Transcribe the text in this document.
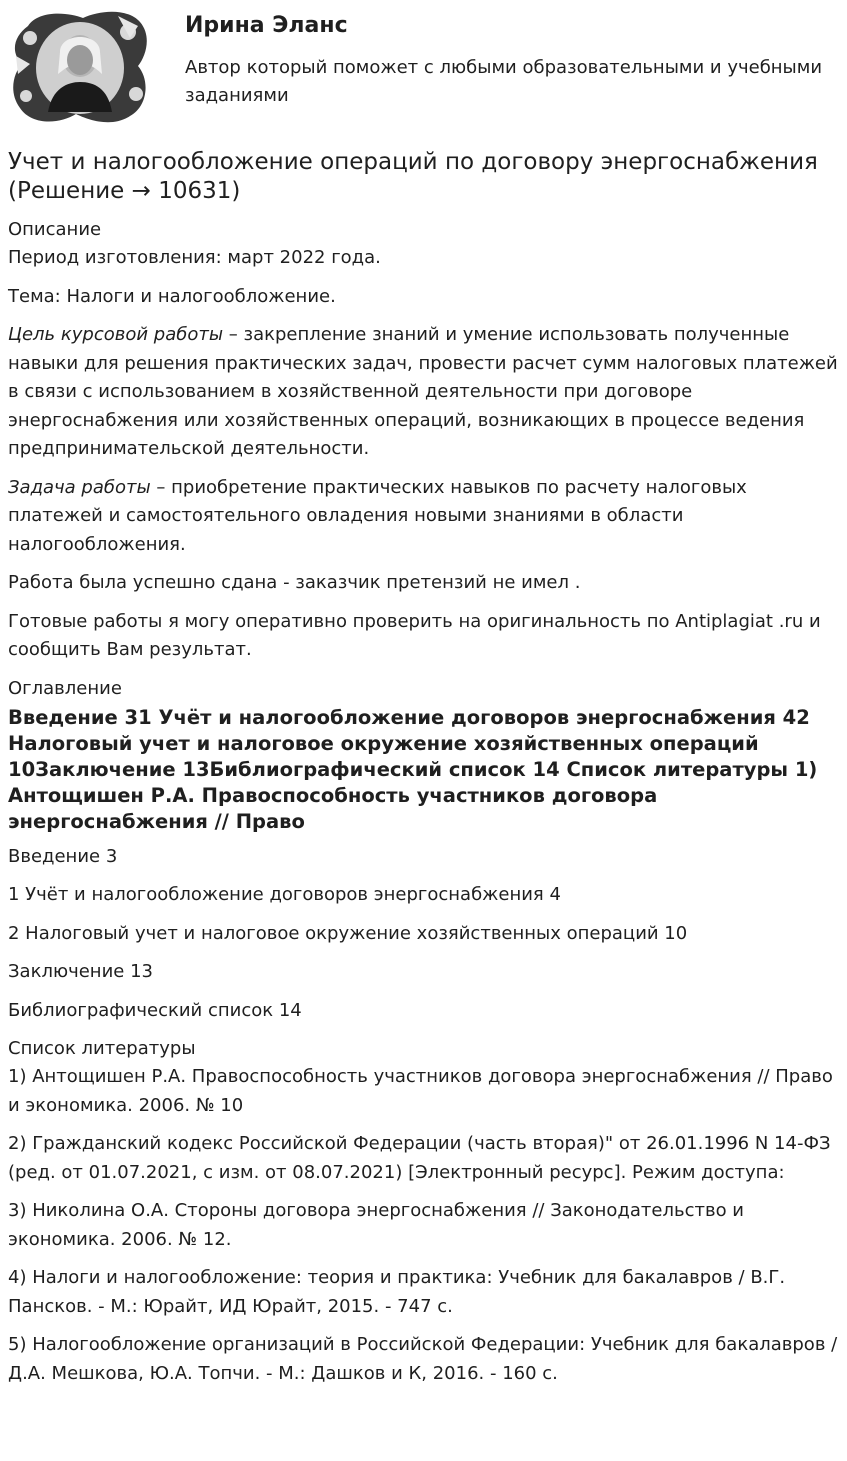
Ирина Эланс

Автор который поможет с любыми образовательными и учебными заданиями

Учет и налогообложение операций по договору энергоснабжения (Решение → 10631)
Описание

Период изготовления: март 2022 года.

Тема: Налоги и налогообложение.

Цель курсовой работы – закрепление знаний и умение использовать полученные навыки для решения практических задач, провести расчет сумм налоговых платежей в связи с использованием в хозяйственной деятельности при договоре энергоснабжения или хозяйственных операций, возникающих в процессе ведения предпринимательской деятельности.

Задача работы – приобретение практических навыков по расчету налоговых платежей и самостоятельного овладения новыми знаниями в области налогообложения.

Работа была успешно сдана - заказчик претензий не имел .

Готовые работы я могу оперативно проверить на оригинальность по Antiplagiat .ru и сообщить Вам результат.

Оглавление
Введение 31 Учёт и налогообложение договоров энергоснабжения 42 Налоговый учет и налоговое окружение хозяйственных операций 10Заключение 13Библиографический список 14 Список литературы 1) Антощишен Р.А. Правоспособность участников договора энергоснабжения // Право
Введение 3
1 Учёт и налогообложение договоров энергоснабжения 4
2 Налоговый учет и налоговое окружение хозяйственных операций 10
Заключение 13
Библиографический список 14
Список литературы

1) Антощишен Р.А. Правоспособность участников договора энергоснабжения // Право и экономика. 2006. № 10

2) Гражданский кодекс Российской Федерации (часть вторая)" от 26.01.1996 N 14-ФЗ (ред. от 01.07.2021, с изм. от 08.07.2021) [Электронный ресурс]. Режим доступа:

3) Николина О.А. Стороны договора энергоснабжения // Законодательство и экономика. 2006. № 12.

4) Налоги и налогообложение: теория и практика: Учебник для бакалавров / В.Г. Пансков. - М.: Юрайт, ИД Юрайт, 2015. - 747 с.

5) Налогообложение организаций в Российской Федерации: Учебник для бакалавров / Д.А. Мешкова, Ю.А. Топчи. - М.: Дашков и К, 2016. - 160 с.
